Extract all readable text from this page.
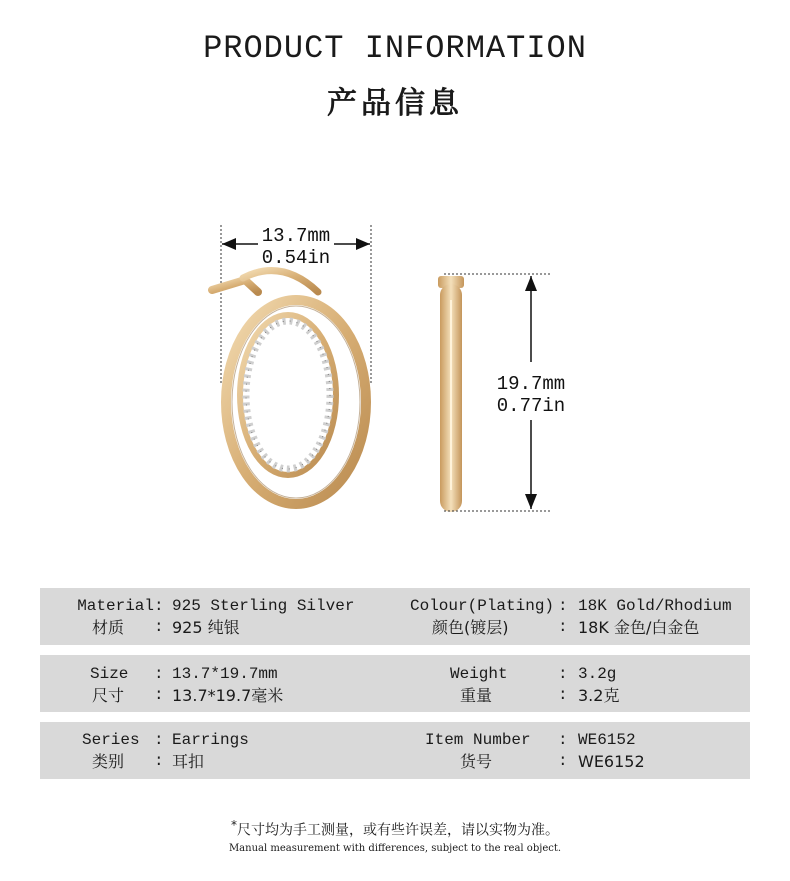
PRODUCT INFORMATION
产品信息
13.7mm
0.54in
19.7mm
0.77in
Material :
925 Sterling Silver
材质 :
925 纯银
Colour(Plating) : 18K Gold/Rhodium
颜色(镀层)	: 18K 金色/白金色
Size :
13.7*19.7mm
尺寸 :
13.7*19.7毫米
Weight	: 3.2g
重量	: 3.2克
Series :
Earrings
类别 :
耳扣
Item Number : WE6152
货号	: WE6152
*尺寸均为手工测量，或有些许误差，请以实物为准。
Manual measurement with differences, subject to the real object.
